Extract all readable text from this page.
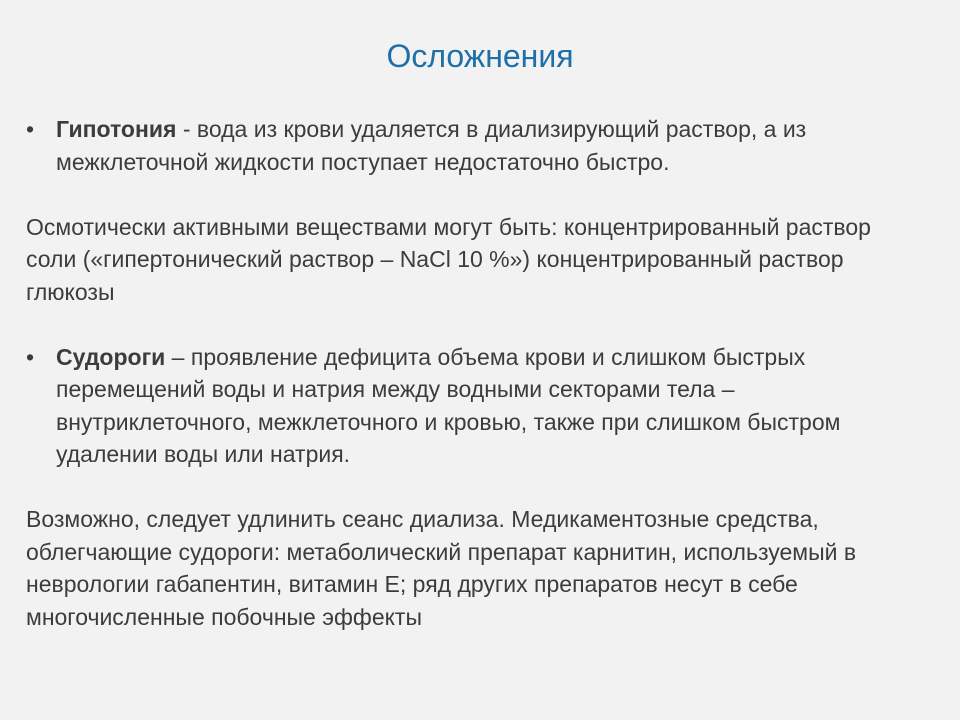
Осложнения
• Гипотония - вода из крови удаляется в диализирующий раствор, а из межклеточной жидкости поступает недостаточно быстро.

Осмотически активными веществами могут быть: концентрированный раствор соли («гипертонический раствор – NaCl 10 %») концентрированный раствор глюкозы

• Судороги – проявление дефицита объема крови и слишком быстрых перемещений воды и натрия между водными секторами тела – внутриклеточного, межклеточного и кровью, также при слишком быстром удалении воды или натрия.

Возможно, следует удлинить сеанс диализа. Медикаментозные средства, облегчающие судороги: метаболический препарат карнитин, используемый в неврологии габапентин, витамин Е; ряд других препаратов несут в себе многочисленные побочные эффекты
